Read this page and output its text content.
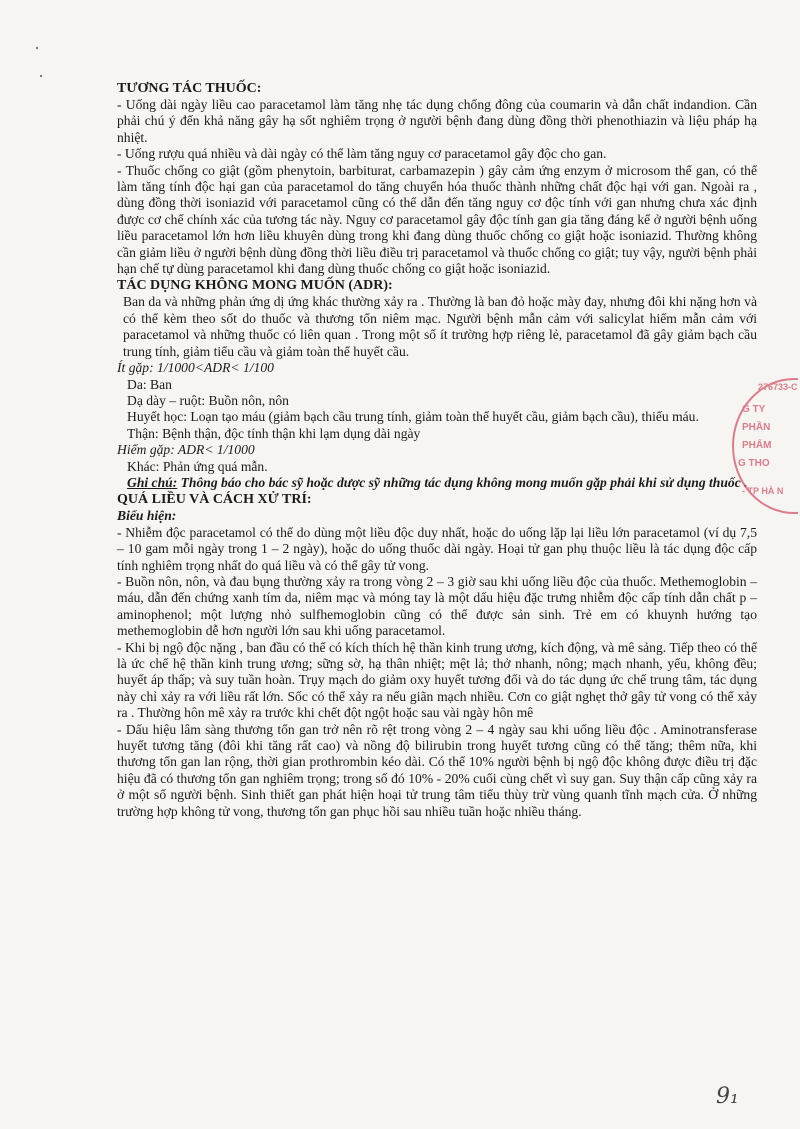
TƯƠNG TÁC THUỐC:

- Uống dài ngày liều cao paracetamol làm tăng nhẹ tác dụng chống đông của coumarin và dẫn chất indandion. Cần phải chú ý đến khả năng gây hạ sốt nghiêm trọng ở người bệnh đang dùng đồng thời phenothiazin và liệu pháp hạ nhiệt.

- Uống rượu quá nhiều và dài ngày có thể làm tăng nguy cơ paracetamol gây độc cho gan.

- Thuốc chống co giật (gồm phenytoin, barbiturat, carbamazepin ) gây cảm ứng enzym ở microsom thể gan, có thể làm tăng tính độc hại gan của paracetamol do tăng chuyển hóa thuốc thành những chất độc hại với gan. Ngoài ra , dùng đồng thời isoniazid với paracetamol cũng có thể dẫn đến tăng nguy cơ độc tính với gan nhưng chưa xác định được cơ chế chính xác của tương tác này. Nguy cơ paracetamol gây độc tính gan gia tăng đáng kể ở người bệnh uống liều paracetamol lớn hơn liều khuyên dùng trong khi đang dùng thuốc chống co giật hoặc isoniazid. Thường không cần giảm liều ở người bệnh dùng đồng thời liều điều trị paracetamol và thuốc chống co giật; tuy vậy, người bệnh phải hạn chế tự dùng paracetamol khi đang dùng thuốc chống co giật hoặc isoniazid.

TÁC DỤNG KHÔNG MONG MUỐN (ADR):

Ban da và những phản ứng dị ứng khác thường xảy ra . Thường là ban đỏ hoặc mày đay, nhưng đôi khi nặng hơn và có thể kèm theo sốt do thuốc và thương tổn niêm mạc. Người bệnh mẫn cảm với salicylat hiếm mẫn cảm với paracetamol và những thuốc có liên quan . Trong một số ít trường hợp riêng lẻ, paracetamol đã gây giảm bạch cầu trung tính, giảm tiểu cầu và giảm toàn thể huyết cầu.

Ít gặp: 1/1000<ADR< 1/100

Da: Ban

Dạ dày – ruột: Buồn nôn, nôn

Huyết học: Loạn tạo máu (giảm bạch cầu trung tính, giảm toàn thể huyết cầu, giảm bạch cầu), thiếu máu.

Thận: Bệnh thận, độc tính thận khi lạm dụng dài ngày

Hiếm gặp: ADR< 1/1000

Khác: Phản ứng quá mẫn.

Ghi chú: Thông báo cho bác sỹ hoặc dược sỹ những tác dụng không mong muốn gặp phải khi sử dụng thuốc .

QUÁ LIỀU VÀ CÁCH XỬ TRÍ:

Biểu hiện:

- Nhiễm độc paracetamol có thể do dùng một liều độc duy nhất, hoặc do uống lặp lại liều lớn paracetamol (ví dụ 7,5 – 10 gam mỗi ngày trong 1 – 2 ngày), hoặc do uống thuốc dài ngày. Hoại tử gan phụ thuộc liều là tác dụng độc cấp tính nghiêm trọng nhất do quá liều và có thể gây tử vong.

- Buồn nôn, nôn, và đau bụng thường xảy ra trong vòng 2 – 3 giờ sau khi uống liều độc của thuốc. Methemoglobin – máu, dẫn đến chứng xanh tím da, niêm mạc và móng tay là một dấu hiệu đặc trưng nhiễm độc cấp tính dẫn chất p – aminophenol; một lượng nhỏ sulfhemoglobin cũng có thể được sản sinh. Trẻ em có khuynh hướng tạo methemoglobin dễ hơn người lớn sau khi uống paracetamol.

- Khi bị ngộ độc nặng , ban đầu có thể có kích thích hệ thần kinh trung ương, kích động, và mê sảng. Tiếp theo có thể là ức chế hệ thần kinh trung ương; sững sờ, hạ thân nhiệt; mệt lả; thở nhanh, nông; mạch nhanh, yếu, không đều; huyết áp thấp; và suy tuần hoàn. Trụy mạch do giảm oxy huyết tương đối và do tác dụng ức chế trung tâm, tác dụng này chỉ xảy ra với liều rất lớn. Sốc có thể xảy ra nếu giãn mạch nhiều. Cơn co giật nghẹt thở gây tử vong có thể xảy ra . Thường hôn mê xảy ra trước khi chết đột ngột hoặc sau vài ngày hôn mê

- Dấu hiệu lâm sàng thương tổn gan trở nên rõ rệt trong vòng 2 – 4 ngày sau khi uống liều độc . Aminotransferase huyết tương tăng (đôi khi tăng rất cao) và nồng độ bilirubin trong huyết tương cũng có thể tăng; thêm nữa, khi thương tổn gan lan rộng, thời gian prothrombin kéo dài. Có thể 10% người bệnh bị ngộ độc không được điều trị đặc hiệu đã có thương tổn gan nghiêm trọng; trong số đó 10% - 20% cuối cùng chết vì suy gan. Suy thận cấp cũng xảy ra ở một số người bệnh. Sinh thiết gan phát hiện hoại tử trung tâm tiểu thùy trừ vùng quanh tĩnh mạch cửa. Ở những trường hợp không tử vong, thương tổn gan phục hồi sau nhiều tuần hoặc nhiều tháng.

276733-C
G TY
PHẦN
PHẨM
G THO
- TP HÀ N
9₁
